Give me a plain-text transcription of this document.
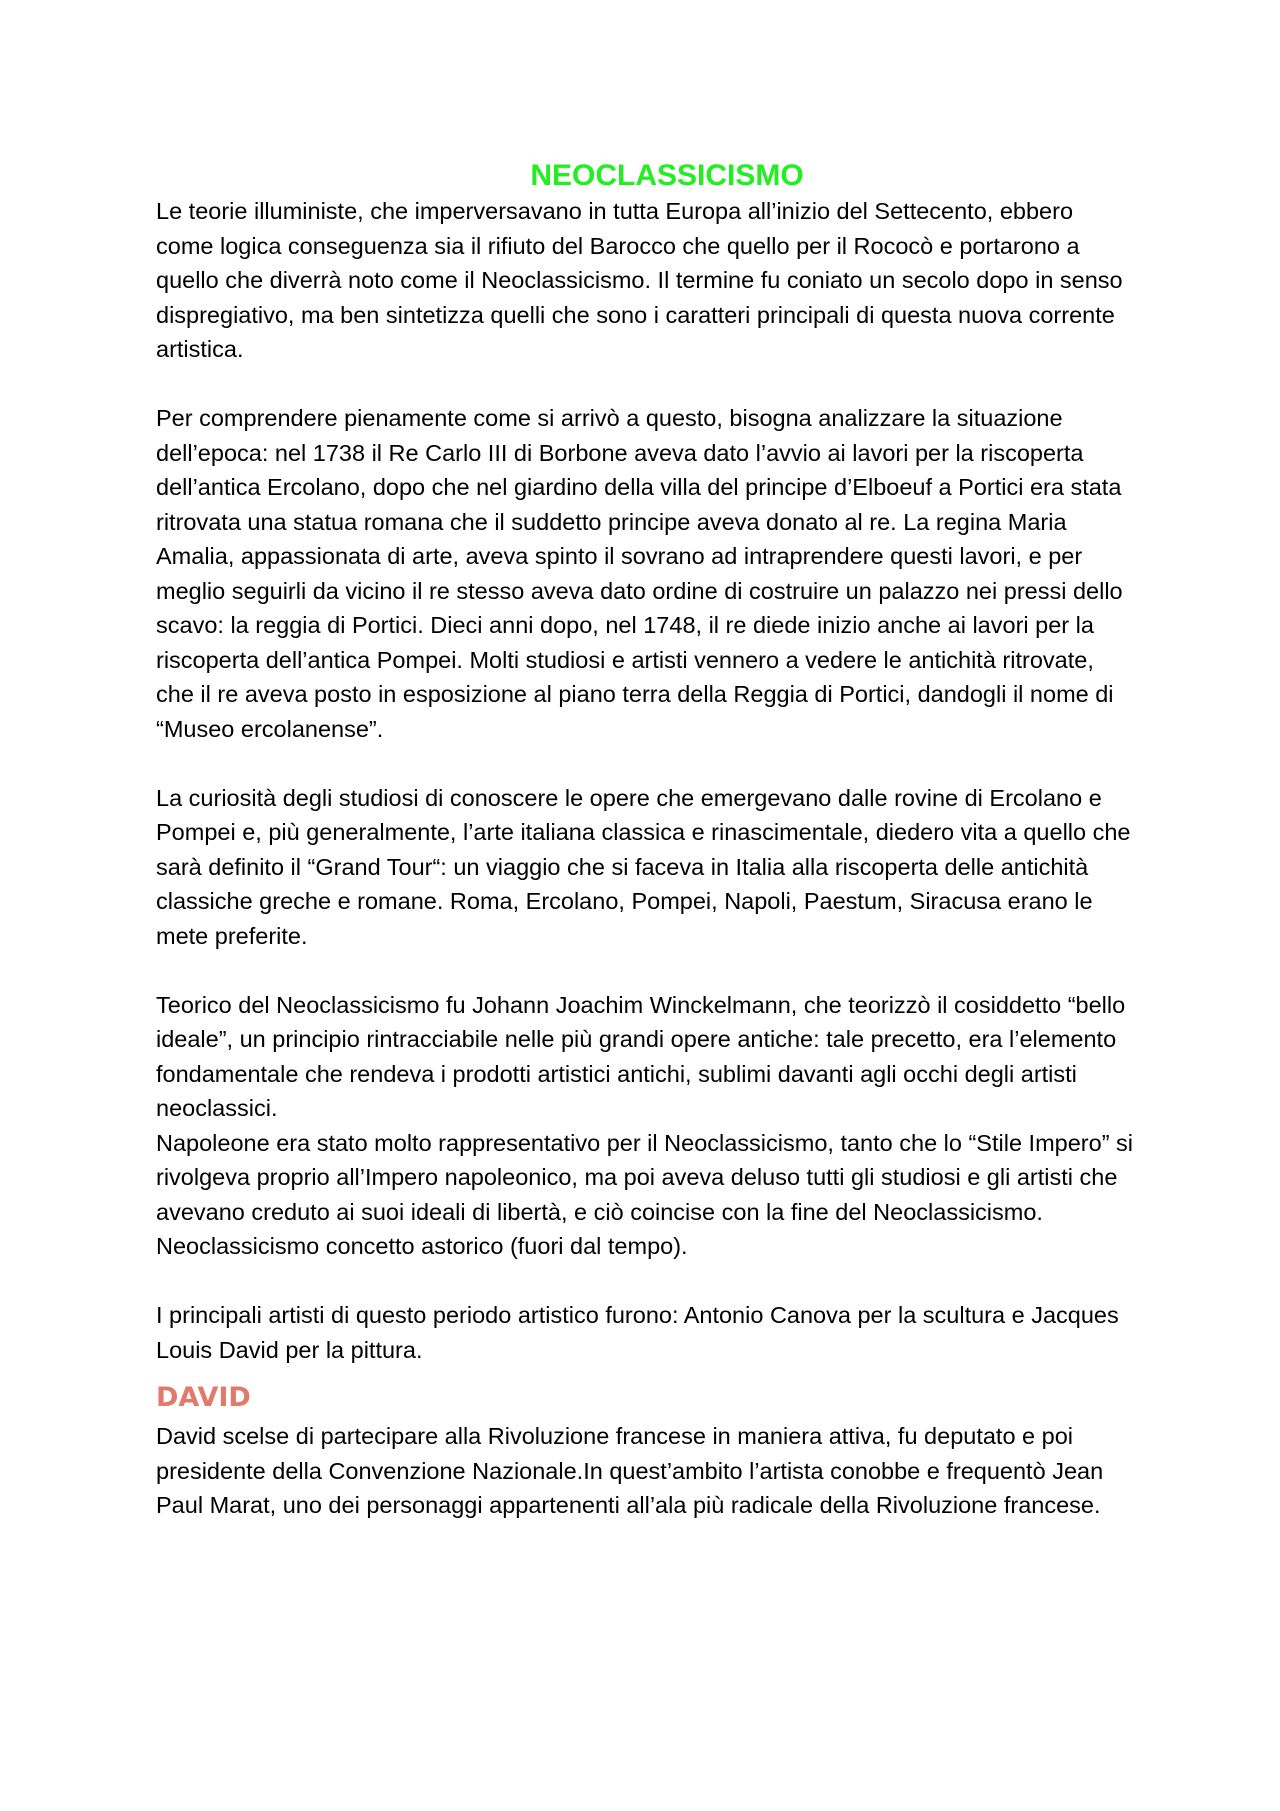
NEOCLASSICISMO

Le teorie illuministe, che imperversavano in tutta Europa all’inizio del Settecento, ebbero come logica conseguenza sia il rifiuto del Barocco che quello per il Rococò e portarono a quello che diverrà noto come il Neoclassicismo. Il termine fu coniato un secolo dopo in senso dispregiativo, ma ben sintetizza quelli che sono i caratteri principali di questa nuova corrente artistica.

Per comprendere pienamente come si arrivò a questo, bisogna analizzare la situazione dell’epoca: nel 1738 il Re Carlo III di Borbone aveva dato l’avvio ai lavori per la riscoperta dell’antica Ercolano, dopo che nel giardino della villa del principe d’Elboeuf a Portici era stata ritrovata una statua romana che il suddetto principe aveva donato al re. La regina Maria Amalia, appassionata di arte, aveva spinto il sovrano ad intraprendere questi lavori, e per meglio seguirli da vicino il re stesso aveva dato ordine di costruire un palazzo nei pressi dello scavo: la reggia di Portici. Dieci anni dopo, nel 1748, il re diede inizio anche ai lavori per la riscoperta dell’antica Pompei. Molti studiosi e artisti vennero a vedere le antichità ritrovate, che il re aveva posto in esposizione al piano terra della Reggia di Portici, dandogli il nome di “Museo ercolanense”.

La curiosità degli studiosi di conoscere le opere che emergevano dalle rovine di Ercolano e Pompei e, più generalmente, l’arte italiana classica e rinascimentale, diedero vita a quello che sarà definito il “Grand Tour“: un viaggio che si faceva in Italia alla riscoperta delle antichità classiche greche e romane. Roma, Ercolano, Pompei, Napoli, Paestum, Siracusa erano le mete preferite.

Teorico del Neoclassicismo fu Johann Joachim Winckelmann, che teorizzò il cosiddetto “bello ideale”, un principio rintracciabile nelle più grandi opere antiche: tale precetto, era l’elemento fondamentale che rendeva i prodotti artistici antichi, sublimi davanti agli occhi degli artisti neoclassici.

Napoleone era stato molto rappresentativo per il Neoclassicismo, tanto che lo “Stile Impero” si rivolgeva proprio all’Impero napoleonico, ma poi aveva deluso tutti gli studiosi e gli artisti che avevano creduto ai suoi ideali di libertà, e ciò coincise con la fine del Neoclassicismo. Neoclassicismo concetto astorico (fuori dal tempo).

I principali artisti di questo periodo artistico furono: Antonio Canova per la scultura e Jacques Louis David per la pittura.

DAVID

David scelse di partecipare alla Rivoluzione francese in maniera attiva, fu deputato e poi presidente della Convenzione Nazionale.In quest’ambito l’artista conobbe e frequentò Jean Paul Marat, uno dei personaggi appartenenti all’ala più radicale della Rivoluzione francese.
